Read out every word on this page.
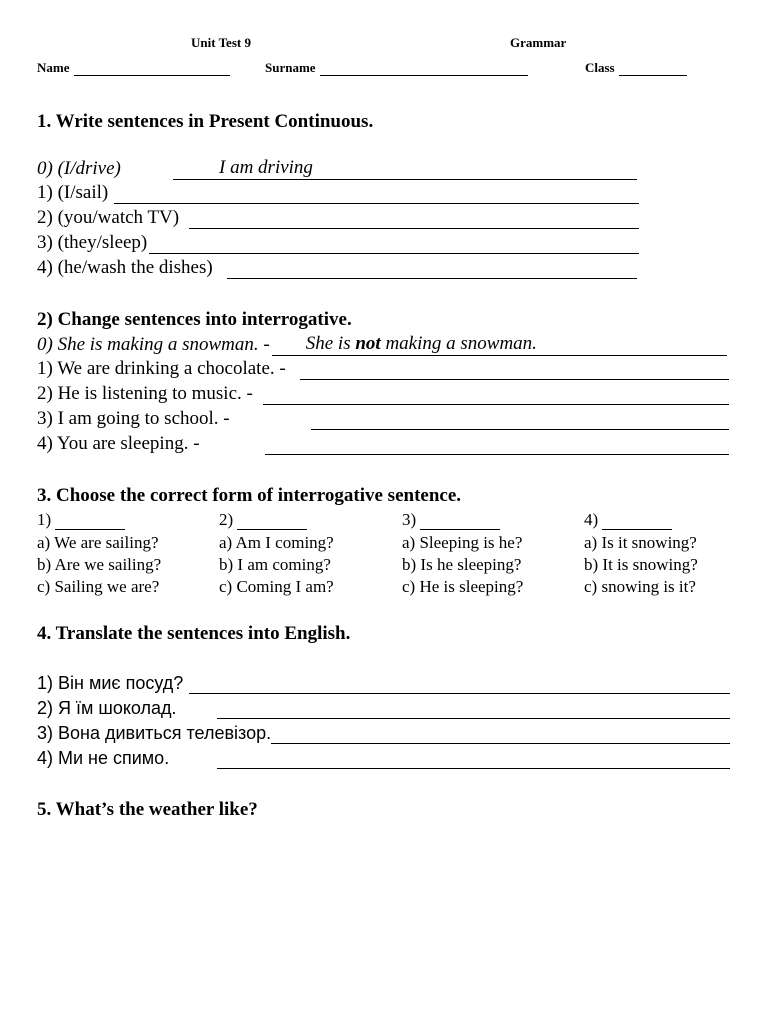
Unit Test 9	Grammar
Name	Surname	Class
1. Write sentences in Present Continuous.
0) (I/drive)	I am driving
1) (I/sail)
2) (you/watch TV)
3) (they/sleep)
4) (he/wash the dishes)
2) Change sentences into interrogative.
0) She is making a snowman. - She is not making a snowman.
1) We are drinking a chocolate. -
2) He is listening to music. -
3) I am going to school. -
4) You are sleeping. -
3. Choose the correct form of interrogative sentence.
1)
a) We are sailing?
b) Are we sailing?
c) Sailing we are?
2)
a) Am I coming?
b) I am coming?
c) Coming I am?
3)
a) Sleeping is he?
b) Is he sleeping?
c) He is sleeping?
4)
a) Is it snowing?
b) It is snowing?
c) snowing is it?
4. Translate the sentences into English.
1) Він миє посуд?
2) Я їм шоколад.
3) Вона дивиться телевізор.
4) Ми не спимо.
5. What’s the weather like?
